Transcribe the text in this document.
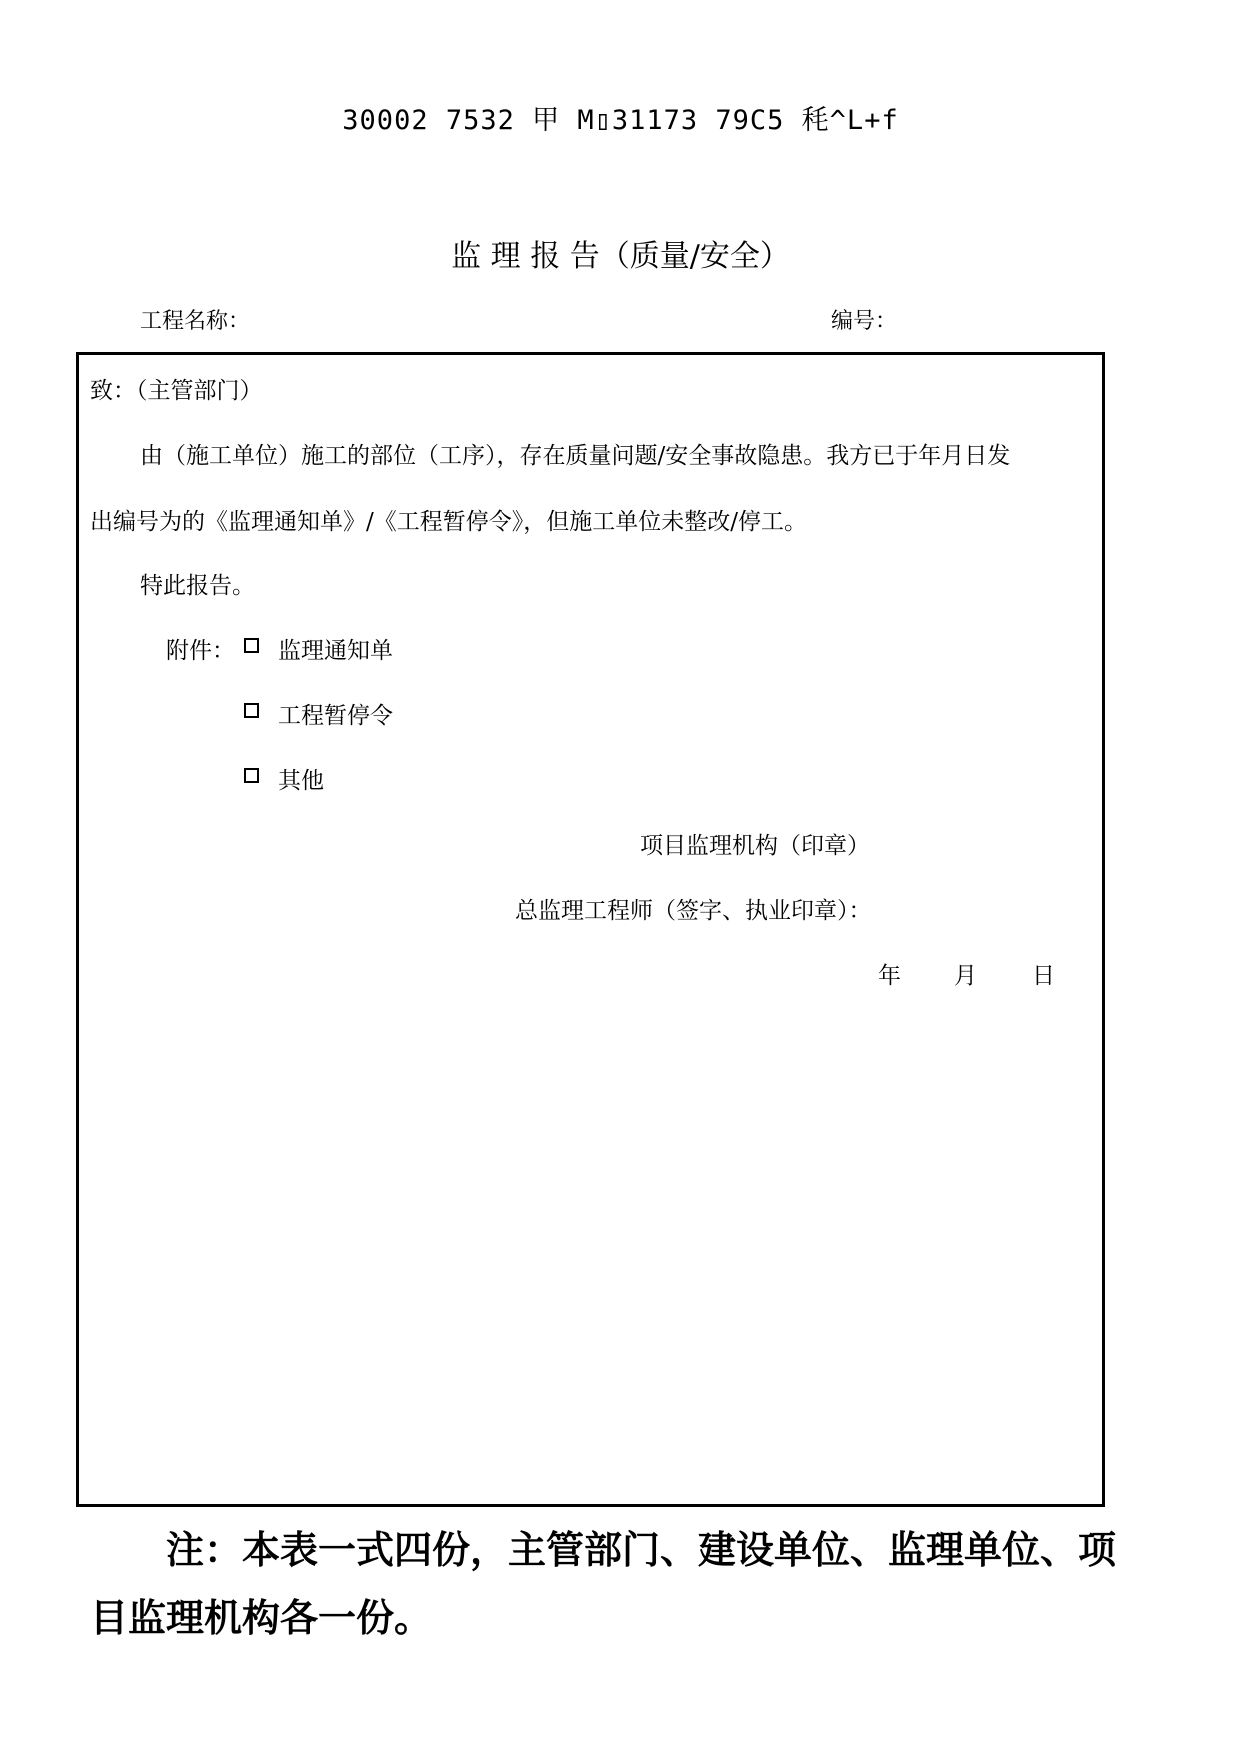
30002 7532 甲 M▯31173 79C5 秏^L+f
监 理 报 告（质量/安全）
工程名称：	编号：
致：（主管部门）
由（施工单位）施工的部位（工序），存在质量问题/安全事故隐患。我方已于年月日发
出编号为的《监理通知单》/《工程暂停令》，但施工单位未整改/停工。
特此报告。
附件： 监理通知单
工程暂停令
其他
项目监理机构（印章）
总监理工程师（签字、执业印章）：
年 月 日
注：本表一式四份，主管部门、建设单位、监理单位、项
目监理机构各一份。
